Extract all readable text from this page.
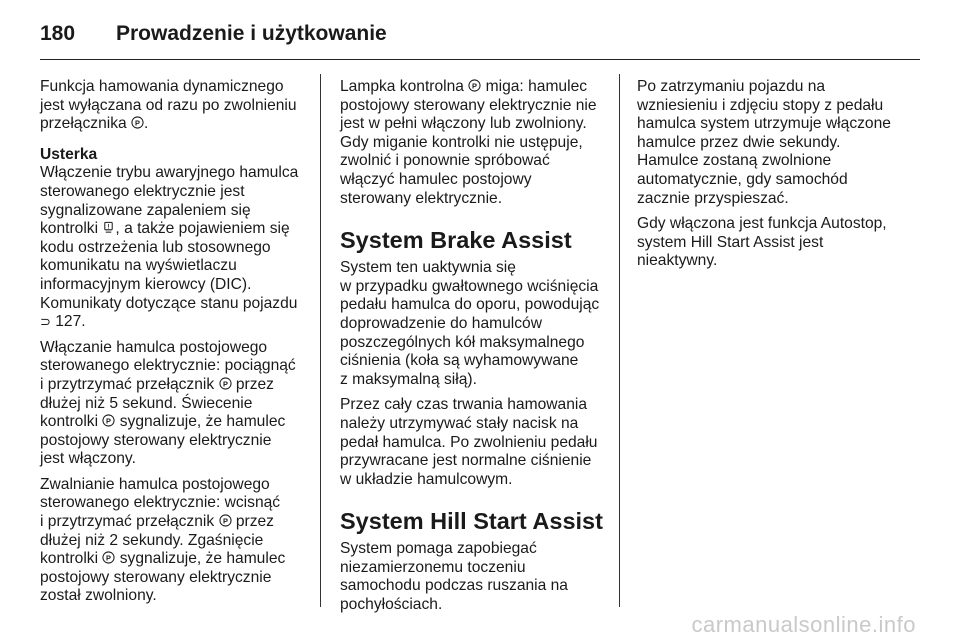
180	Prowadzenie i użytkowanie

Funkcja hamowania dynamicznego
jest wyłączana od razu po zwolnieniu
przełącznika P .

Usterka

Włączenie trybu awaryjnego hamulca
sterowanego elektrycznie jest
sygnalizowane zapaleniem się
kontrolki ! , a także pojawieniem się
kodu ostrzeżenia lub stosownego
komunikatu na wyświetlaczu
informacyjnym kierowcy (DIC).
Komunikaty dotyczące stanu pojazdu
⊃ 127.

Włączanie hamulca postojowego
sterowanego elektrycznie: pociągnąć
i przytrzymać przełącznik P przez
dłużej niż 5 sekund. Świecenie
kontrolki P sygnalizuje, że hamulec
postojowy sterowany elektrycznie
jest włączony.

Zwalnianie hamulca postojowego
sterowanego elektrycznie: wcisnąć
i przytrzymać przełącznik P przez
dłużej niż 2 sekundy. Zgaśnięcie
kontrolki P sygnalizuje, że hamulec
postojowy sterowany elektrycznie
został zwolniony.

Lampka kontrolna P miga: hamulec
postojowy sterowany elektrycznie nie
jest w pełni włączony lub zwolniony.
Gdy miganie kontrolki nie ustępuje,
zwolnić i ponownie spróbować
włączyć hamulec postojowy
sterowany elektrycznie.

System Brake Assist

System ten uaktywnia się
w przypadku gwałtownego wciśnięcia
pedału hamulca do oporu, powodując
doprowadzenie do hamulców
poszczególnych kół maksymalnego
ciśnienia (koła są wyhamowywane
z maksymalną siłą).

Przez cały czas trwania hamowania
należy utrzymywać stały nacisk na
pedał hamulca. Po zwolnieniu pedału
przywracane jest normalne ciśnienie
w układzie hamulcowym.

System Hill Start Assist

System pomaga zapobiegać
niezamierzonemu toczeniu
samochodu podczas ruszania na
pochyłościach.

Po zatrzymaniu pojazdu na
wzniesieniu i zdjęciu stopy z pedału
hamulca system utrzymuje włączone
hamulce przez dwie sekundy.
Hamulce zostaną zwolnione
automatycznie, gdy samochód
zacznie przyspieszać.

Gdy włączona jest funkcja Autostop,
system Hill Start Assist jest
nieaktywny.

carmanualsonline.info
